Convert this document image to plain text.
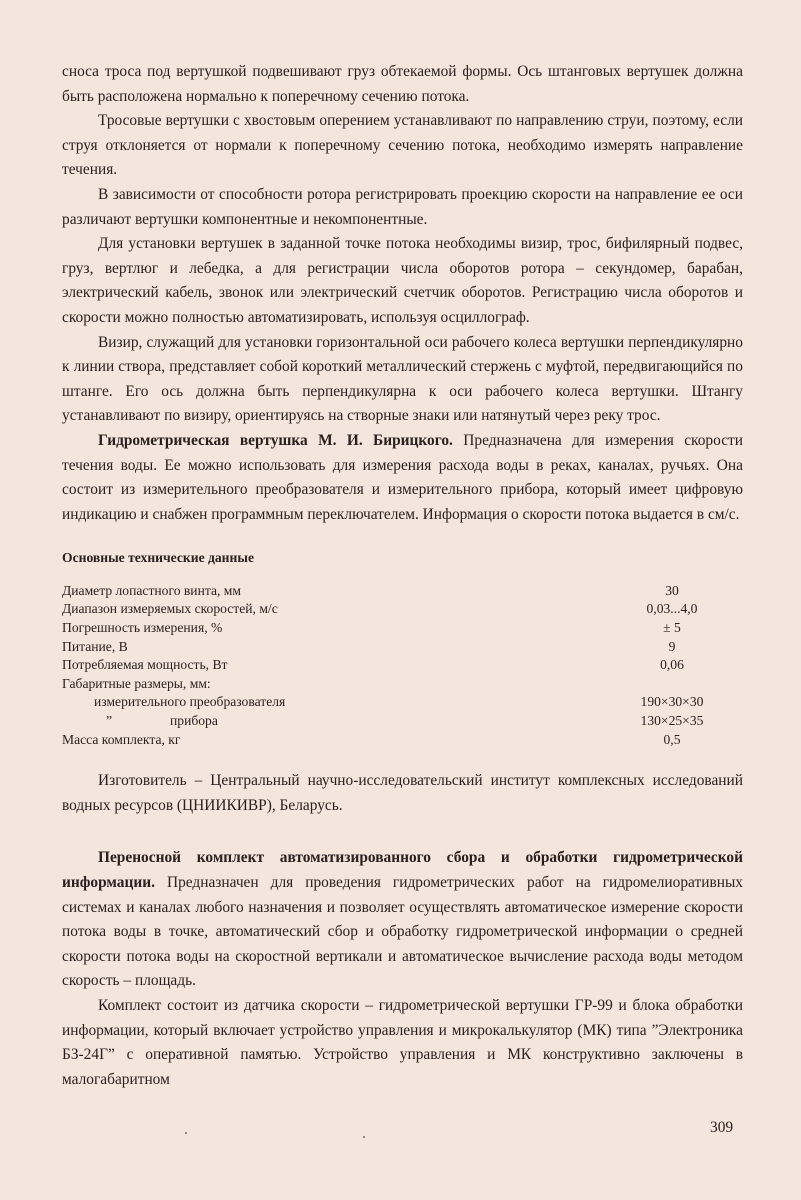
сноса троса под вертушкой подвешивают груз обтекаемой формы. Ось штанговых вертушек должна быть расположена нормально к поперечному сечению потока.

Тросовые вертушки с хвостовым оперением устанавливают по направлению струи, поэтому, если струя отклоняется от нормали к поперечному сечению потока, необходимо измерять направление течения.

В зависимости от способности ротора регистрировать проекцию скорости на направление ее оси различают вертушки компонентные и некомпонентные.

Для установки вертушек в заданной точке потока необходимы визир, трос, бифилярный подвес, груз, вертлюг и лебедка, а для регистрации числа оборотов ротора – секундомер, барабан, электрический кабель, звонок или электрический счетчик оборотов. Регистрацию числа оборотов и скорости можно полностью автоматизировать, используя осциллограф.

Визир, служащий для установки горизонтальной оси рабочего колеса вертушки перпендикулярно к линии створа, представляет собой короткий металлический стержень с муфтой, передвигающийся по штанге. Его ось должна быть перпендикулярна к оси рабочего колеса вертушки. Штангу устанавливают по визиру, ориентируясь на створные знаки или натянутый через реку трос.

Гидрометрическая вертушка М. И. Бирицкого. Предназначена для измерения скорости течения воды. Ее можно использовать для измерения расхода воды в реках, каналах, ручьях. Она состоит из измерительного преобразователя и измерительного прибора, который имеет цифровую индикацию и снабжен программным переключателем. Информация о скорости потока выдается в см/с.

Основные технические данные
Диаметр лопастного винта, мм	30
Диапазон измеряемых скоростей, м/с	0,03...4,0
Погрешность измерения, %	± 5
Питание, В	9
Потребляемая мощность, Вт	0,06
Габаритные размеры, мм:
измерительного преобразователя	190×30×30
”	прибора	130×25×35
Масса комплекта, кг	0,5

Изготовитель – Центральный научно-исследовательский институт комплексных исследований водных ресурсов (ЦНИИКИВР), Беларусь.

Переносной комплект автоматизированного сбора и обработки гидрометрической информации. Предназначен для проведения гидрометрических работ на гидромелиоративных системах и каналах любого назначения и позволяет осуществлять автоматическое измерение скорости потока воды в точке, автоматический сбор и обработку гидрометрической информации о средней скорости потока воды на скоростной вертикали и автоматическое вычисление расхода воды методом скорость – площадь.

Комплект состоит из датчика скорости – гидрометрической вертушки ГР-99 и блока обработки информации, который включает устройство управления и микрокалькулятор (МК) типа ”Электроника БЗ-24Г” с оперативной памятью. Устройство управления и МК конструктивно заключены в малогабаритном

309
